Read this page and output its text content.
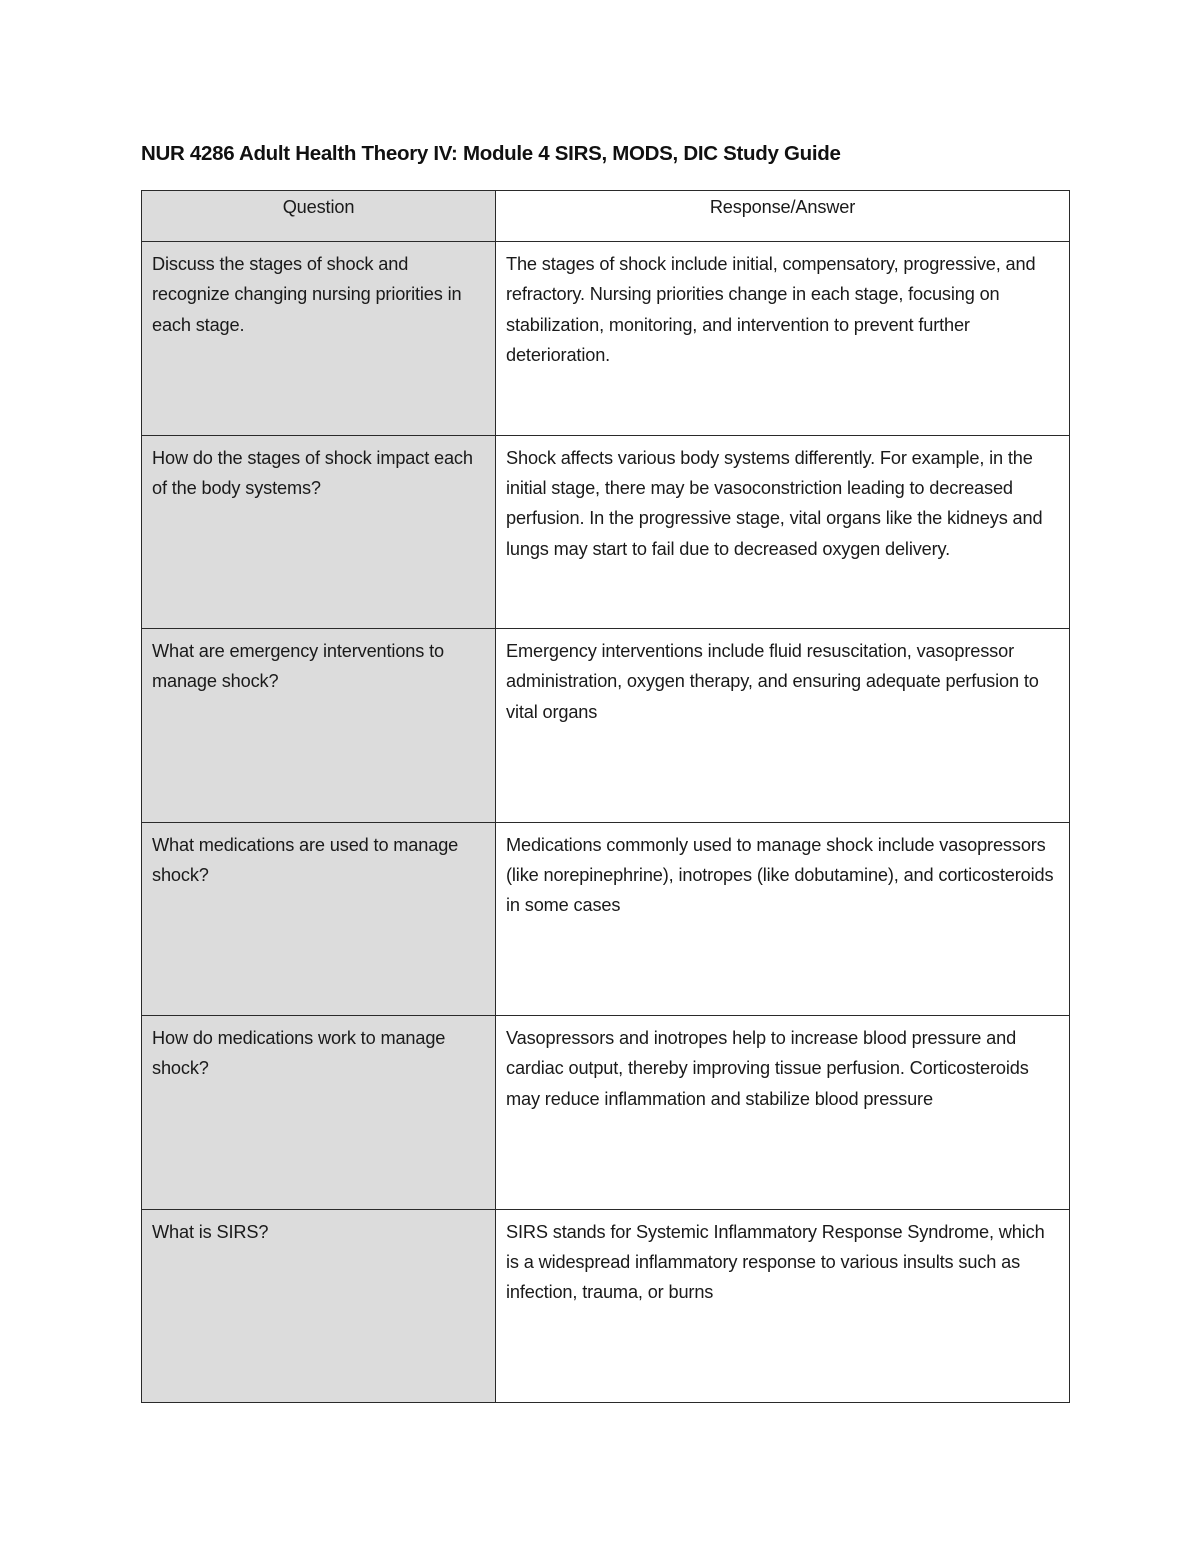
NUR 4286 Adult Health Theory IV: Module 4 SIRS, MODS, DIC Study Guide
Question	Response/Answer
Discuss the stages of shock and recognize changing nursing priorities in each stage.	The stages of shock include initial, compensatory, progressive, and refractory. Nursing priorities change in each stage, focusing on stabilization, monitoring, and intervention to prevent further deterioration.
How do the stages of shock impact each of the body systems?	Shock affects various body systems differently. For example, in the initial stage, there may be vasoconstriction leading to decreased perfusion. In the progressive stage, vital organs like the kidneys and lungs may start to fail due to decreased oxygen delivery.
What are emergency interventions to manage shock?	Emergency interventions include fluid resuscitation, vasopressor administration, oxygen therapy, and ensuring adequate perfusion to vital organs
What medications are used to manage shock?	Medications commonly used to manage shock include vasopressors (like norepinephrine), inotropes (like dobutamine), and corticosteroids in some cases
How do medications work to manage shock?	Vasopressors and inotropes help to increase blood pressure and cardiac output, thereby improving tissue perfusion. Corticosteroids may reduce inflammation and stabilize blood pressure
What is SIRS?	SIRS stands for Systemic Inflammatory Response Syndrome, which is a widespread inflammatory response to various insults such as infection, trauma, or burns
